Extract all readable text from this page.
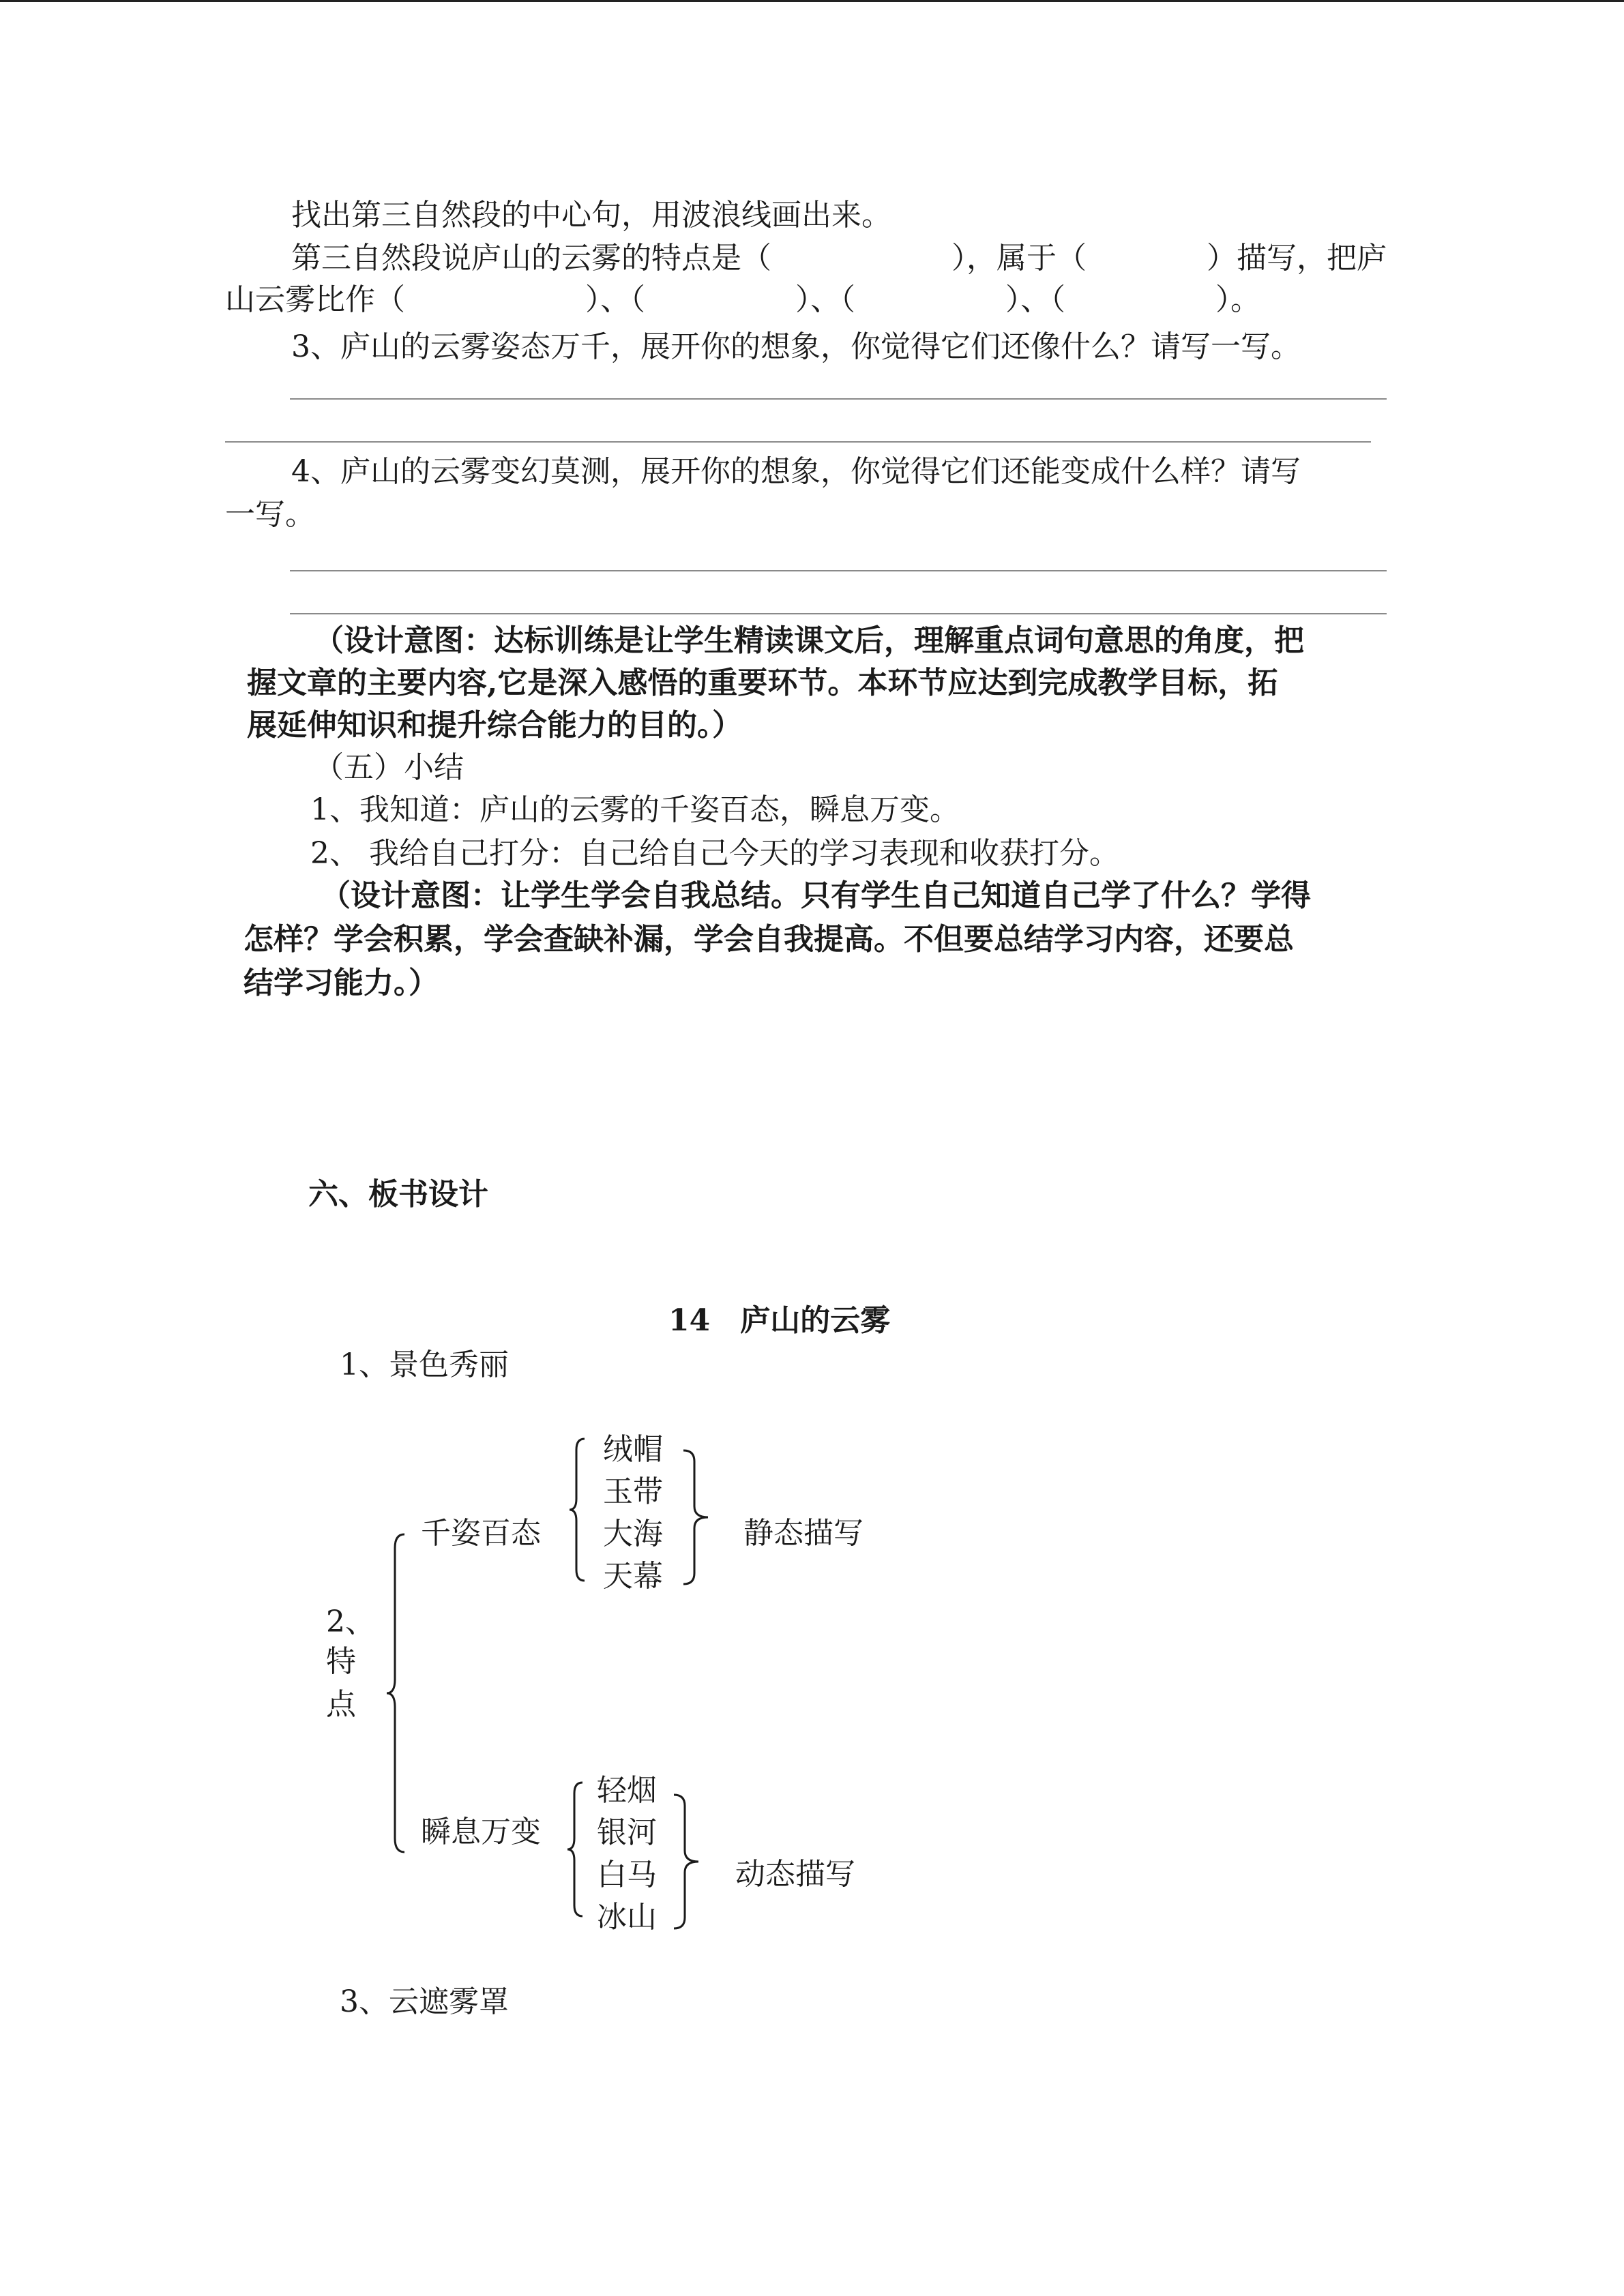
找出第三自然段的中心句，用波浪线画出来。
第三自然段说庐山的云雾的特点是（　　　　　　），属于（　　　　）描写，把庐
山云雾比作（　　　　　　）、（　　　　　）、（　　　　　）、（　　　　　）。
3、庐山的云雾姿态万千，展开你的想象，你觉得它们还像什么？请写一写。
4、庐山的云雾变幻莫测，展开你的想象，你觉得它们还能变成什么样？请写
一写。
（设计意图：达标训练是让学生精读课文后，理解重点词句意思的角度，把
握文章的主要内容,它是深入感悟的重要环节。本环节应达到完成教学目标，拓
展延伸知识和提升综合能力的目的。）
（五）小结
1、我知道：庐山的云雾的千姿百态，瞬息万变。
2、 我给自己打分：自己给自己今天的学习表现和收获打分。
（设计意图：让学生学会自我总结。只有学生自己知道自己学了什么？学得
怎样？学会积累，学会查缺补漏，学会自我提高。不但要总结学习内容，还要总
结学习能力。）
六、板书设计
14　庐山的云雾
1、景色秀丽
2、
特
点
千姿百态
绒帽
玉带
大海
天幕
静态描写
瞬息万变
轻烟
银河
白马
冰山
动态描写
3、云遮雾罩
